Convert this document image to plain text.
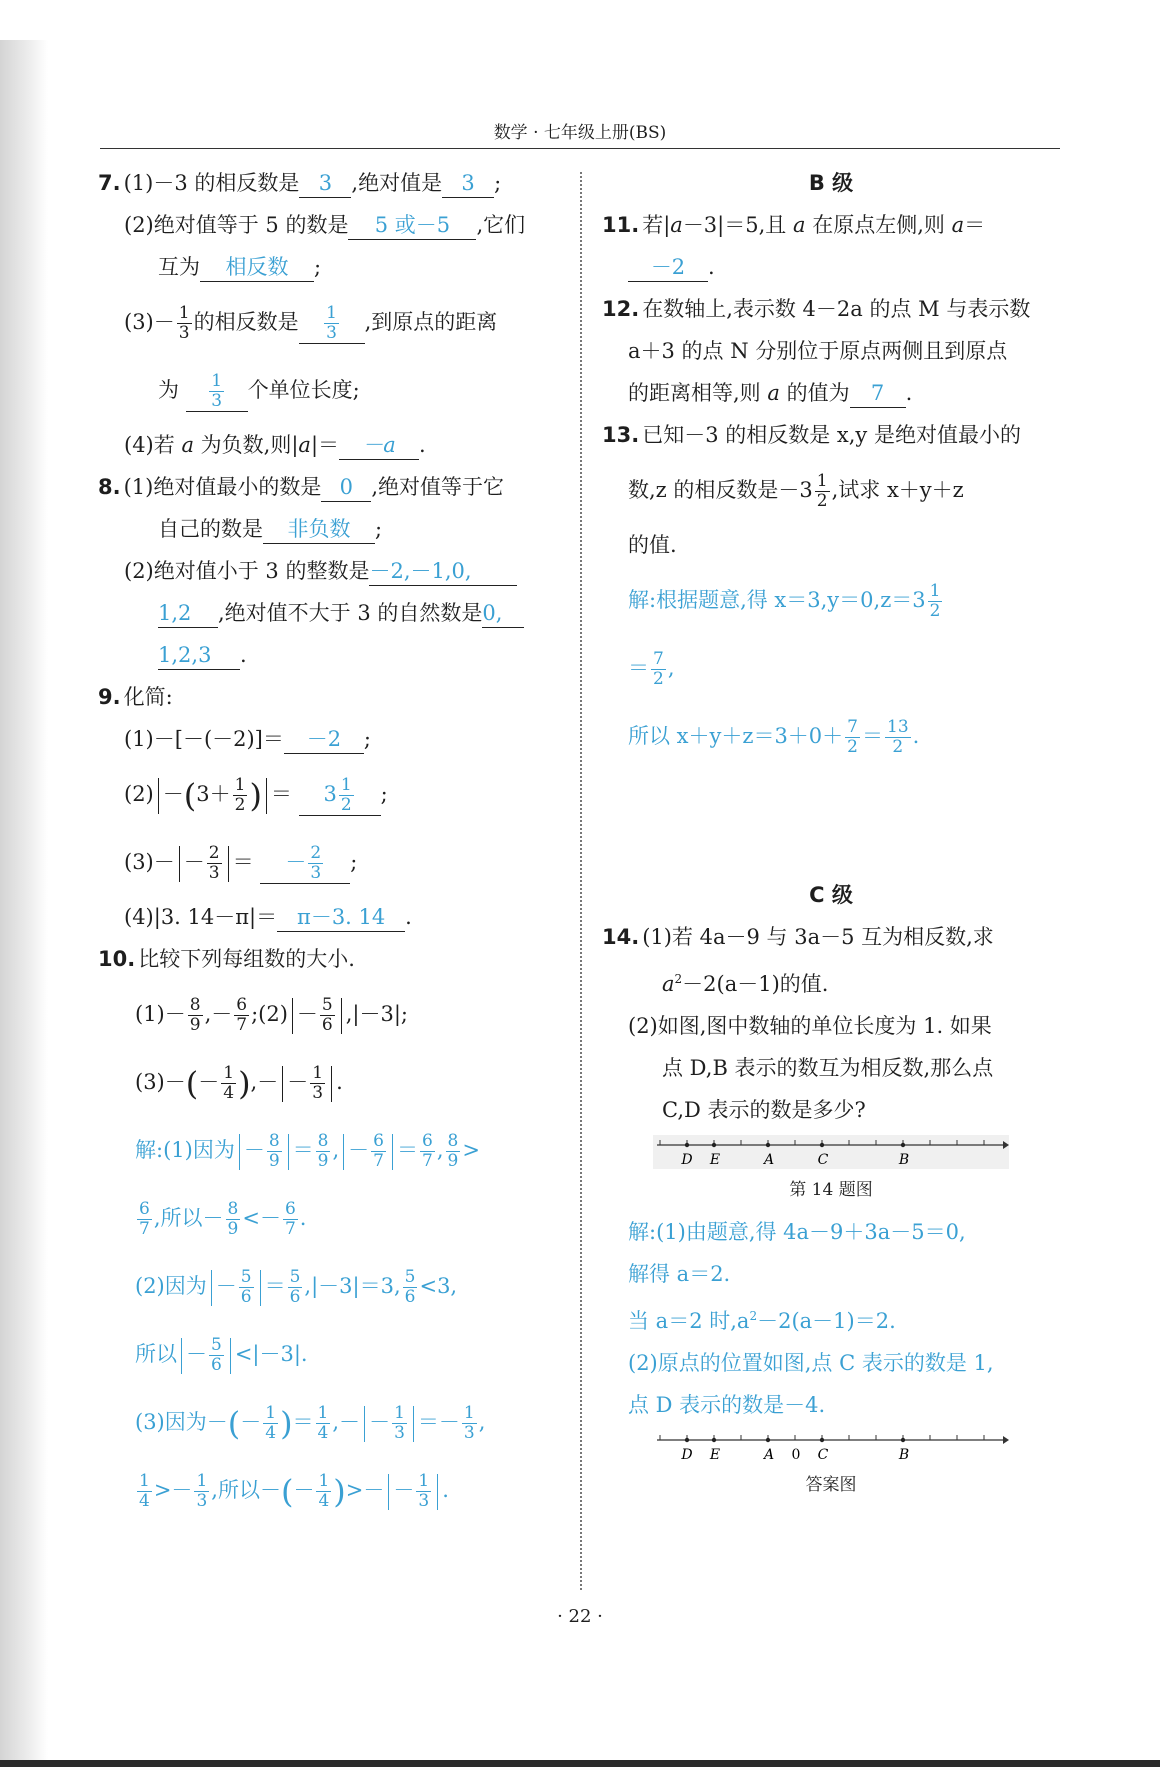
数学 · 七年级上册(BS)
7. (1)－3 的相反数是 3 ,绝对值是 3 ;
(2)绝对值等于 5 的数是 5 或－5 ,它们
互为 相反数 ;
$(3)- \frac{1}{3}$ 的相反数是 $\frac{1}{3}$ ,到原点的距离
为 $\frac{1}{3}$ 个单位长度;
(4)若 a 为负数,则|a|＝ －a .
8. (1)绝对值最小的数是 0 ,绝对值等于它
自己的数是 非负数 ;
(2)绝对值小于 3 的整数是－2,－1,0,
1,2 ,绝对值不大于 3 的自然数是0,
1,2,3 .
9. 化简:
(1)－[－(－2)]＝ －2 ;
$(2) -(3+ \frac{1}{2}$ ) ＝ $3 \frac{1}{2}$ ;
$(3)- - \frac{2}{3}$ ＝ － $\frac{2}{3}$ ;
(4)|3. 14－π|＝ π－3. 14 .
10. 比较下列每组数的大小.
$(1)- \frac{8}{9}$ ,－ $\frac{6}{7}$ ;(2) － $\frac{5}{6} ,|-3|$;
$(3)-(- \frac{1}{4}$ ),－ － $\frac{1}{3}$ .
解:(1)因为 － $\frac{8}{9} = \frac{8}{9}$ , － $\frac{6}{7} = \frac{6}{7}$ , $\frac{8}{9}$ >
$\frac{6}{7}$ ,所以－ $\frac{8}{9} <- \frac{6}{7}$ .
(2)因为 － $\frac{5}{6} = \frac{5}{6} ,|-3|=3$, $\frac{5}{6} <3$,
所以 － $\frac{5}{6} <|-3|$.
(3)因为－(－ $\frac{1}{4}$ )＝ $\frac{1}{4}$ ,－ － $\frac{1}{3} =- \frac{1}{3}$ ,
$\frac{1}{4} >- \frac{1}{3}$ ,所以－(－ $\frac{1}{4}$ )>－ － $\frac{1}{3}$ .
B 级
11. 若|a－3|＝5,且 a 在原点左侧,则 a＝
－2 .
12. 在数轴上,表示数 4－2a 的点 M 与表示数
a＋3 的点 N 分别位于原点两侧且到原点
的距离相等,则 a 的值为 7 .
13. 已知－3 的相反数是 x,y 是绝对值最小的
数,z 的相反数是$-3 \frac{1}{2}$ ,试求 x＋y＋z
的值.
解:根据题意,得 $x=3,y=0,z=3 \frac{1}{2}$
＝ $\frac{7}{2}$ ,
所以 $x+y+z=3+0+ \frac{7}{2} = \frac{13}{2}$ .
C 级
14. (1)若 4a－9 与 3a－5 互为相反数,求
$a^2-2(a-1)$的值.
(2)如图,图中数轴的单位长度为 1. 如果
点 D,B 表示的数互为相反数,那么点
C,D 表示的数是多少?
D E	A	C	B
第 14 题图
解:(1)由题意,得 4a－9＋3a－5＝0,
解得 a＝2.
当 a＝2 时$,a^2-2(a-1)=2$.
(2)原点的位置如图,点 C 表示的数是 1,
点 D 表示的数是－4.
D E	A 0 C	B
答案图
· 22 ·
